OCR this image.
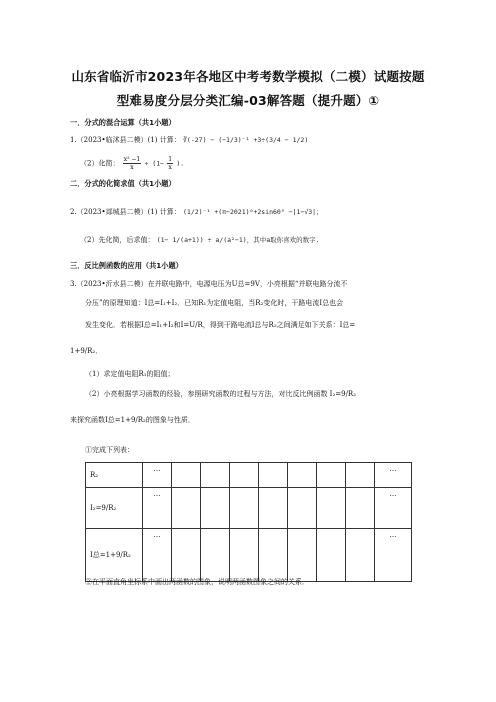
山东省临沂市2023年各地区中考考数学模拟（二模）试题按题
型难易度分层分类汇编-03解答题（提升题）①
一．分式的混合运算（共1小题）
1.（2023•临沭县二模）(1) 计算： ∛(-27) − (−1/3)⁻¹ +3÷(3/4 − 1/2)
（2）化简： $\frac{\text{x² −1}}{x} \div (1- \frac{1}{x}$ ).
二．分式的化简求值（共1小题）
2.（2023•郯城县二模）(1) 计算： (1/2)⁻¹ +(π−2021)⁰+2sin60° −|1−√3|；
（2）先化简，后求值： (1− 1/(a+1)) ÷ a/(a²−1)，其中a取你喜欢的数字.
三．反比例函数的应用（共1小题）
3.（2023•沂水县二模）在并联电路中，电源电压为U总=9V，小亮根据“并联电路分流不
分压”的原理知道：I总=I₁+I₂．已知R₁为定值电阻，当R₂变化时，干路电流I总也会
发生变化．若根据I总=I₁+I₂和I=U/R，得到干路电流I总与R₂之间满足如下关系：I总=
1+9/R₂．
（1）求定值电阻R₁的阻值；
（2）小亮根据学习函数的经验，参照研究函数的过程与方法，对比反比例函数 I₂=9/R₂
来探究函数I总=1+9/R₂的图象与性质．
①完成下列表：
R₂	…								…
I₂=9/R₂	…								…
I总=1+9/R₂	…								…
②在平面直角坐标系中画出两函数的图象，说明两函数图象之间的关系．
